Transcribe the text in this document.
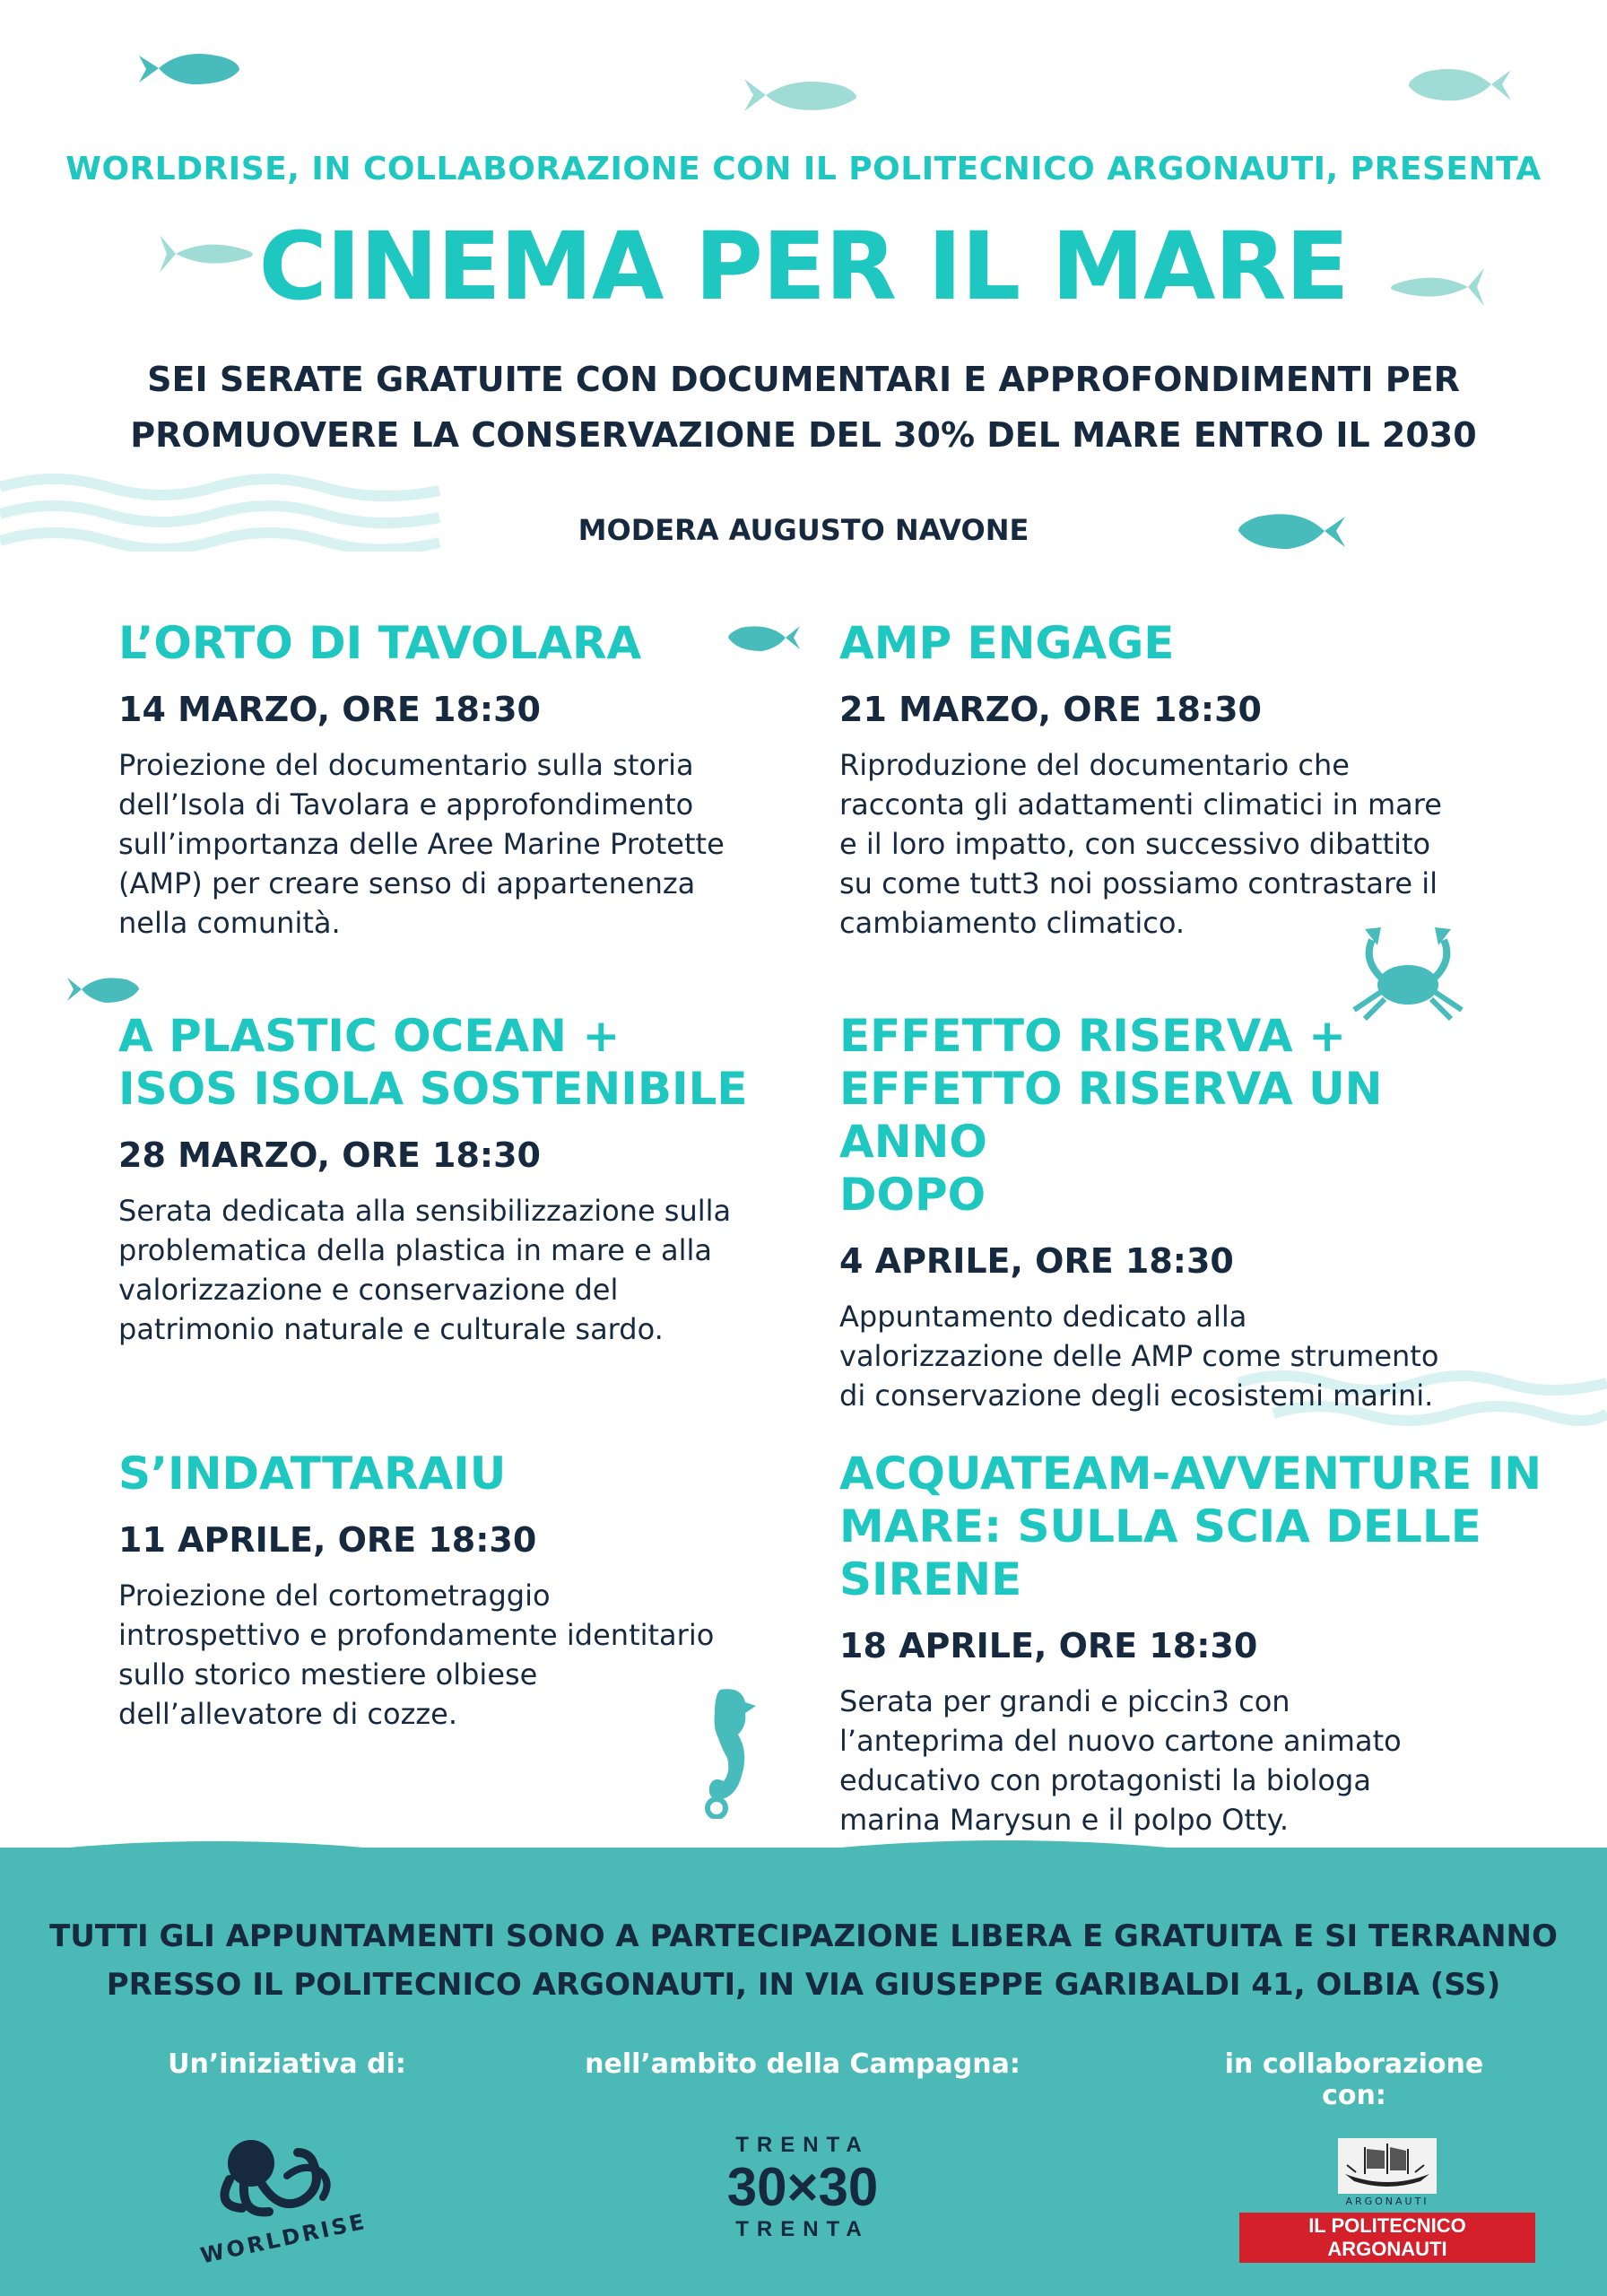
WORLDRISE, IN COLLABORAZIONE CON IL POLITECNICO ARGONAUTI, PRESENTA
CINEMA PER IL MARE
SEI SERATE GRATUITE CON DOCUMENTARI E APPROFONDIMENTI PER
PROMUOVERE LA CONSERVAZIONE DEL 30% DEL MARE ENTRO IL 2030
MODERA AUGUSTO NAVONE
L’ORTO DI TAVOLARA
14 MARZO, ORE 18:30

Proiezione del documentario sulla storia
dell’Isola di Tavolara e approfondimento
sull’importanza delle Aree Marine Protette
(AMP) per creare senso di appartenenza
nella comunità.

AMP ENGAGE
21 MARZO, ORE 18:30

Riproduzione del documentario che
racconta gli adattamenti climatici in mare
e il loro impatto, con successivo dibattito
su come tutt3 noi possiamo contrastare il
cambiamento climatico.

A PLASTIC OCEAN +
ISOS ISOLA SOSTENIBILE
28 MARZO, ORE 18:30

Serata dedicata alla sensibilizzazione sulla
problematica della plastica in mare e alla
valorizzazione e conservazione del
patrimonio naturale e culturale sardo.

EFFETTO RISERVA +
EFFETTO RISERVA UN ANNO
DOPO
4 APRILE, ORE 18:30

Appuntamento dedicato alla
valorizzazione delle AMP come strumento
di conservazione degli ecosistemi marini.

S’INDATTARAIU
11 APRILE, ORE 18:30

Proiezione del cortometraggio
introspettivo e profondamente identitario
sullo storico mestiere olbiese
dell’allevatore di cozze.

ACQUATEAM-AVVENTURE IN
MARE: SULLA SCIA DELLE SIRENE
18 APRILE, ORE 18:30

Serata per grandi e piccin3 con
l’anteprima del nuovo cartone animato
educativo con protagonisti la biologa
marina Marysun e il polpo Otty.

TUTTI GLI APPUNTAMENTI SONO A PARTECIPAZIONE LIBERA E GRATUITA E SI TERRANNO
PRESSO IL POLITECNICO ARGONAUTI, IN VIA GIUSEPPE GARIBALDI 41, OLBIA (SS)
Un’iniziativa di:	nell’ambito della Campagna:	in collaborazione con:
WORLDRISE
TRENTA
30×30
TRENTA
ARGONAUTI
IL POLITECNICO ARGONAUTI
